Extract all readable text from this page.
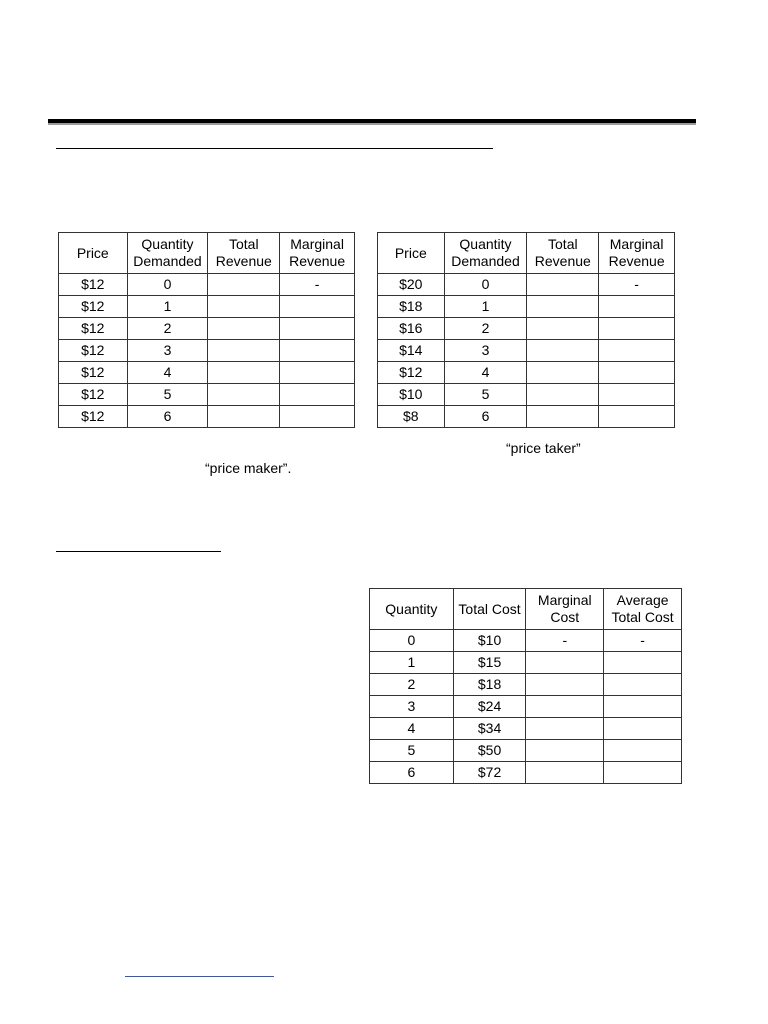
Price	Quantity Demanded	Total Revenue	Marginal Revenue
$12	0		-
$12	1		
$12	2		
$12	3		
$12	4		
$12	5		
$12	6		
Price	Quantity Demanded	Total Revenue	Marginal Revenue
$20	0		-
$18	1		
$16	2		
$14	3		
$12	4		
$10	5		
$8	6		
“price taker”
“price maker”.
Quantity	Total Cost	Marginal Cost	Average Total Cost
0	$10	-	-
1	$15		
2	$18		
3	$24		
4	$34		
5	$50		
6	$72		
